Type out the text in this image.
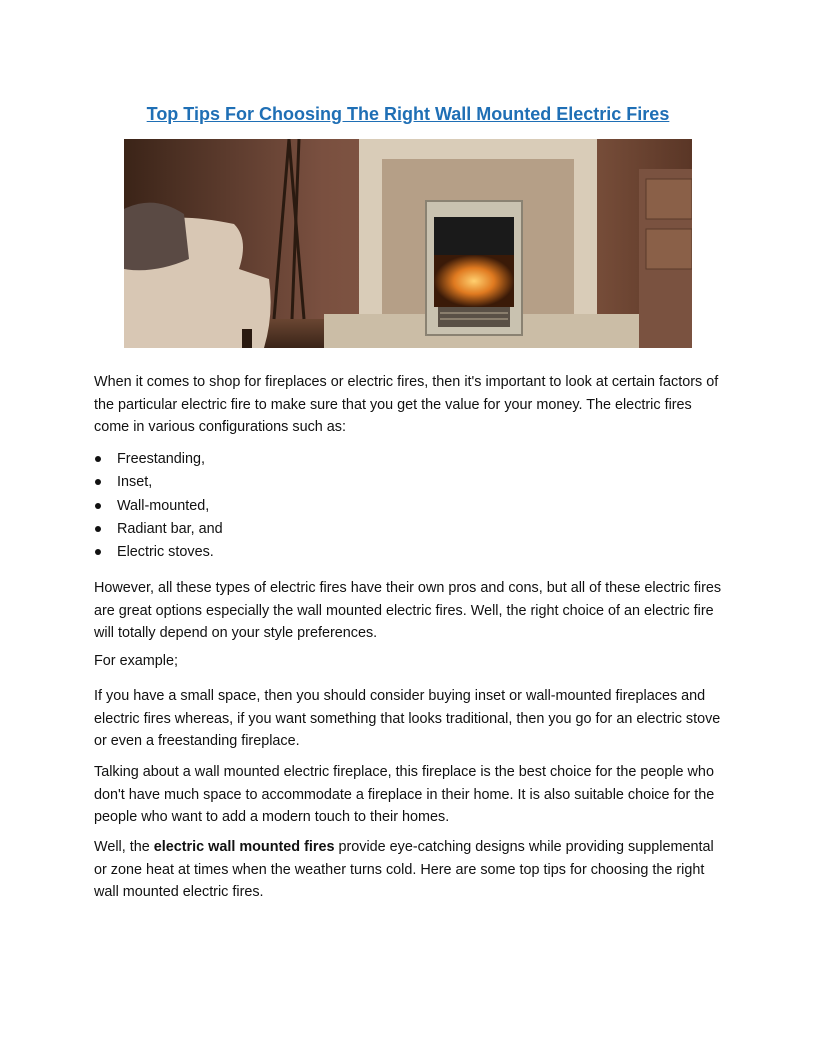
Top Tips For Choosing The Right Wall Mounted Electric Fires

When it comes to shop for fireplaces or electric fires, then it's important to look at certain factors of the particular electric fire to make sure that you get the value for your money. The electric fires come in various configurations such as:

Freestanding,
Inset,
Wall-mounted,
Radiant bar, and
Electric stoves.

However, all these types of electric fires have their own pros and cons, but all of these electric fires are great options especially the wall mounted electric fires. Well, the right choice of an electric fire will totally depend on your style preferences.

For example;

If you have a small space, then you should consider buying inset or wall-mounted fireplaces and electric fires whereas, if you want something that looks traditional, then you go for an electric stove or even a freestanding fireplace.

Talking about a wall mounted electric fireplace, this fireplace is the best choice for the people who don't have much space to accommodate a fireplace in their home. It is also suitable choice for the people who want to add a modern touch to their homes.

Well, the electric wall mounted fires provide eye-catching designs while providing supplemental or zone heat at times when the weather turns cold. Here are some top tips for choosing the right wall mounted electric fires.
